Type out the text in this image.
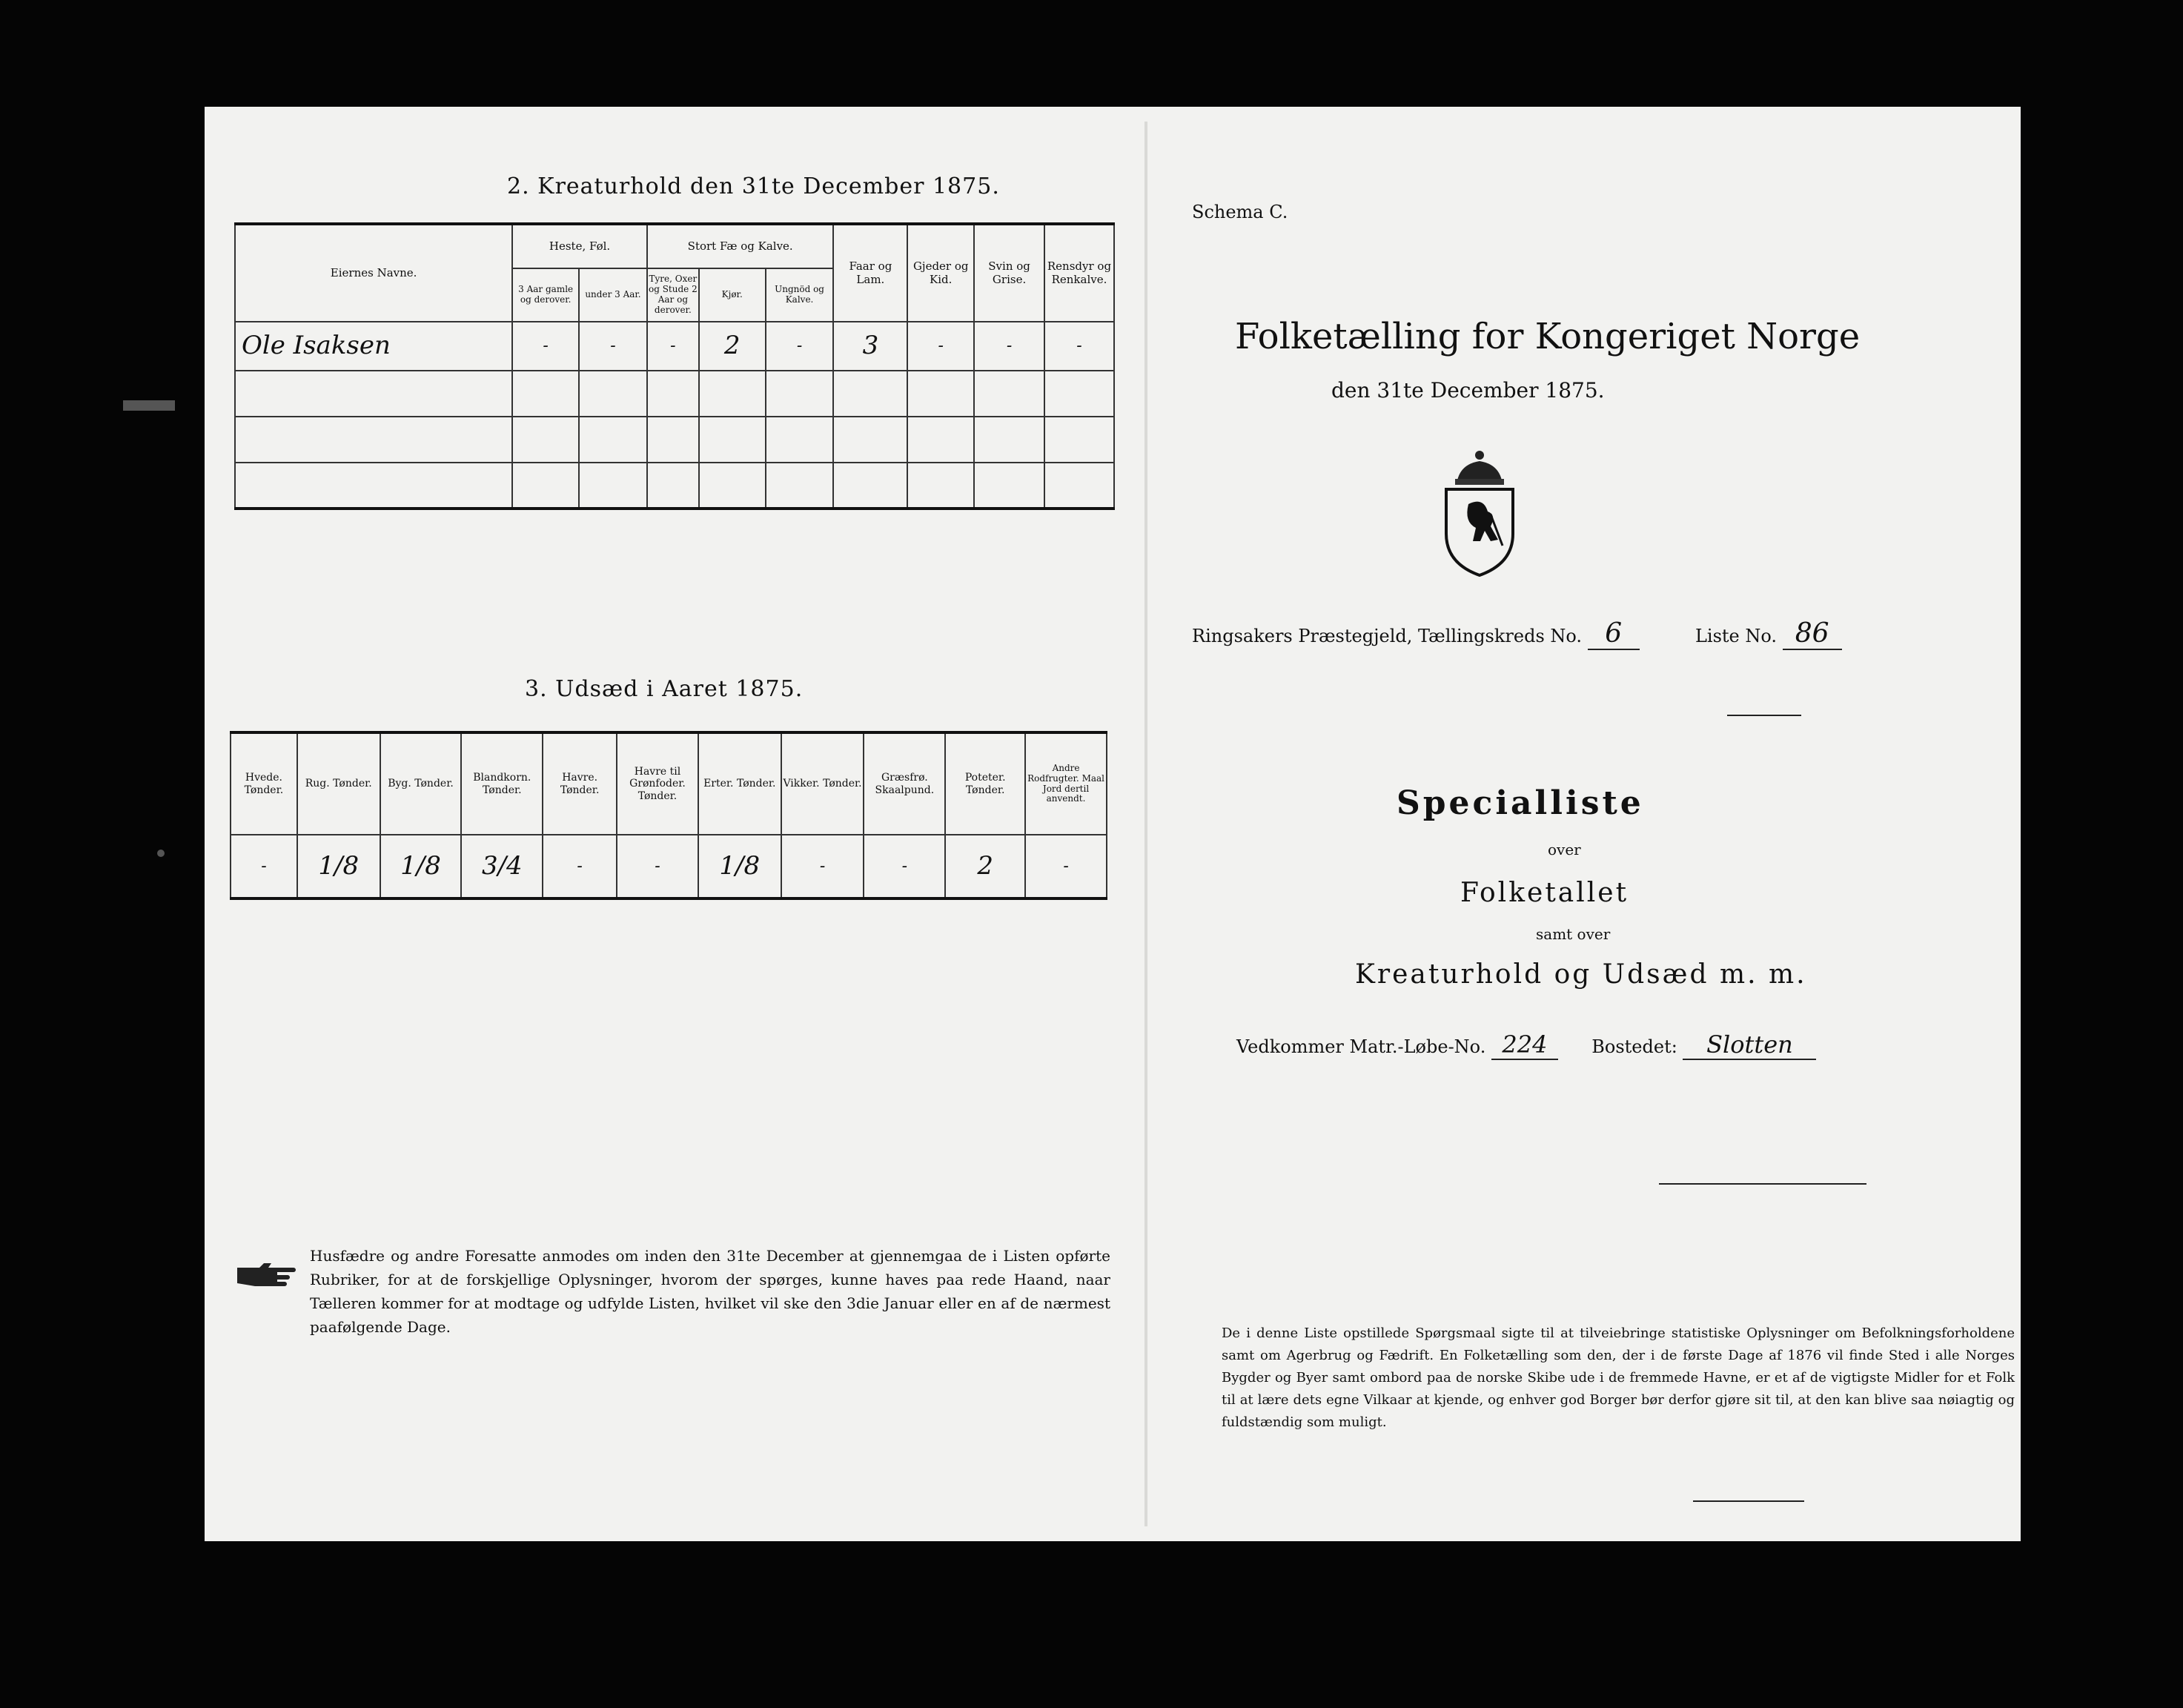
2. Kreaturhold den 31te December 1875.
Eiernes Navne.	Heste, Føl.		Stort Fæ og Kalve.			Faar og Lam.	Gjeder og Kid.	Svin og Grise.	Rensdyr og Renkalve.
	3 Aar gamle og derover.	under 3 Aar.	Tyre, Oxer og Stude 2 Aar og derover.	Kjør.	Ungnöd og Kalve.				
Ole Isaksen	-	-	-	2	-	3	-	-	-

3. Udsæd i Aaret 1875.
Hvede. Tønder.	Rug. Tønder.	Byg. Tønder.	Blandkorn. Tønder.	Havre. Tønder.	Havre til Grønfoder. Tønder.	Erter. Tønder.	Vikker. Tønder.	Græsfrø. Skaalpund.	Poteter. Tønder.	Andre Rodfrugter. Maal Jord dertil anvendt.
-	1/8	1/8	3/4	-	-	1/8	-	-	2	-
Husfædre og andre Foresatte anmodes om inden den 31te December at gjennemgaa de i Listen opførte Rubriker, for at de forskjellige Oplysninger, hvorom der spørges, kunne haves paa rede Haand, naar Tælleren kommer for at modtage og udfylde Listen, hvilket vil ske den 3die Januar eller en af de nærmest paafølgende Dage.
Schema C.
Folketælling for Kongeriget Norge
den 31te December 1875.
Ringsakers Præstegjeld, Tællingskreds No. 6	Liste No. 86
Specialliste
over
Folketallet
samt over
Kreaturhold og Udsæd m. m.
Vedkommer Matr.-Løbe-No. 224 Bostedet: Slotten
De i denne Liste opstillede Spørgsmaal sigte til at tilveiebringe statistiske Oplysninger om Befolkningsforholdene samt om Agerbrug og Fædrift. En Folketælling som den, der i de første Dage af 1876 vil finde Sted i alle Norges Bygder og Byer samt ombord paa de norske Skibe ude i de fremmede Havne, er et af de vigtigste Midler for et Folk til at lære dets egne Vilkaar at kjende, og enhver god Borger bør derfor gjøre sit til, at den kan blive saa nøiagtig og fuldstændig som muligt.
